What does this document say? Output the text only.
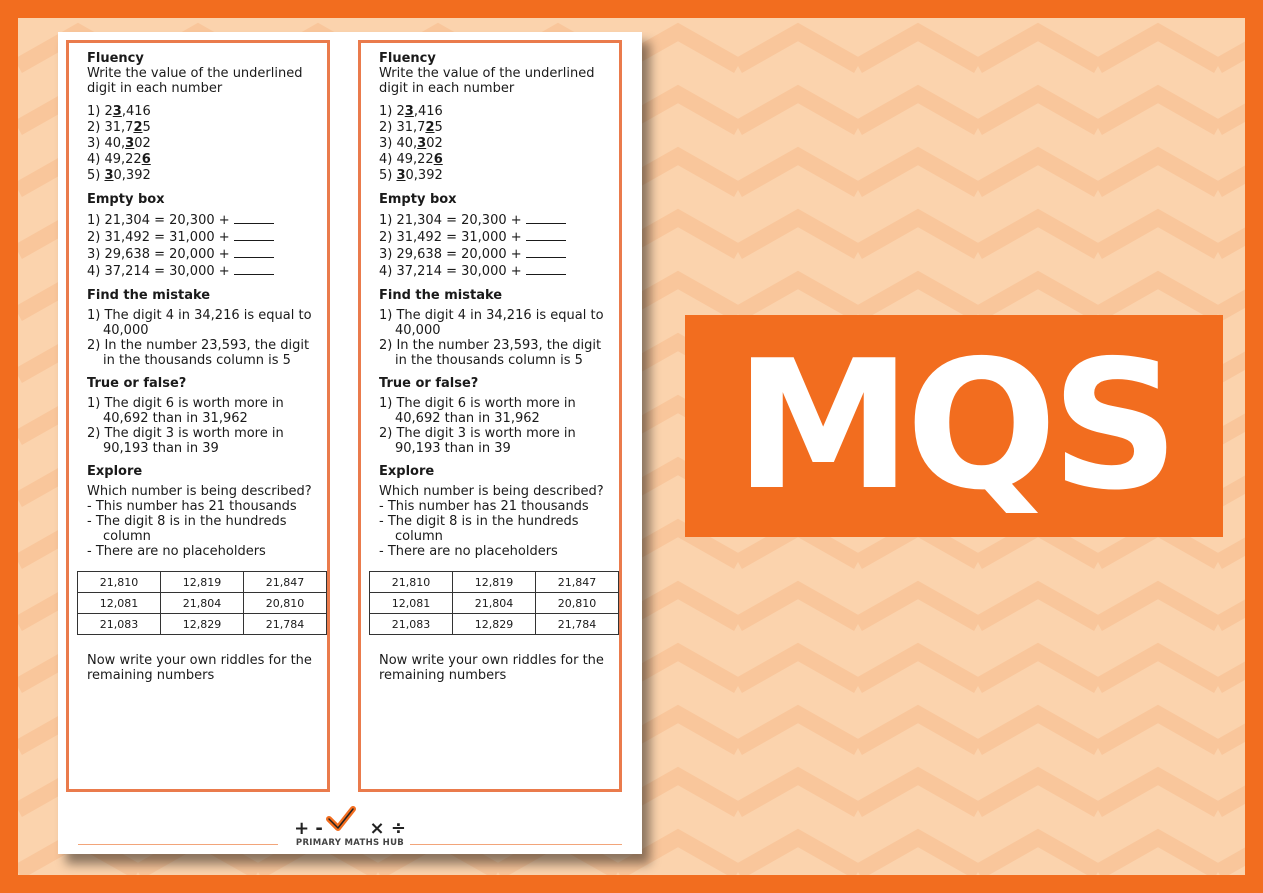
Fluency
Write the value of the underlined digit in each number
1) 23,416
2) 31,725
3) 40,302
4) 49,226
5) 30,392
Empty box
1) 21,304 = 20,300 +
2) 31,492 = 31,000 +
3) 29,638 = 20,000 +
4) 37,214 = 30,000 +
Find the mistake
1) The digit 4 in 34,216 is equal to 40,000
2) In the number 23,593, the digit in the thousands column is 5
True or false?
1) The digit 6 is worth more in 40,692 than in 31,962
2) The digit 3 is worth more in 90,193 than in 39
Explore
Which number is being described?
- This number has 21 thousands
- The digit 8 is in the hundreds column
- There are no placeholders
21,810	12,819	21,847
12,081	21,804	20,810
21,083	12,829	21,784
Now write your own riddles for the remaining numbers
Fluency
Write the value of the underlined digit in each number
1) 23,416
2) 31,725
3) 40,302
4) 49,226
5) 30,392
Empty box
1) 21,304 = 20,300 +
2) 31,492 = 31,000 +
3) 29,638 = 20,000 +
4) 37,214 = 30,000 +
Find the mistake
1) The digit 4 in 34,216 is equal to 40,000
2) In the number 23,593, the digit in the thousands column is 5
True or false?
1) The digit 6 is worth more in 40,692 than in 31,962
2) The digit 3 is worth more in 90,193 than in 39
Explore
Which number is being described?
- This number has 21 thousands
- The digit 8 is in the hundreds column
- There are no placeholders
21,810	12,819	21,847
12,081	21,804	20,810
21,083	12,829	21,784
Now write your own riddles for the remaining numbers
+ -	× ÷
PRIMARY MATHS HUB
MQS
